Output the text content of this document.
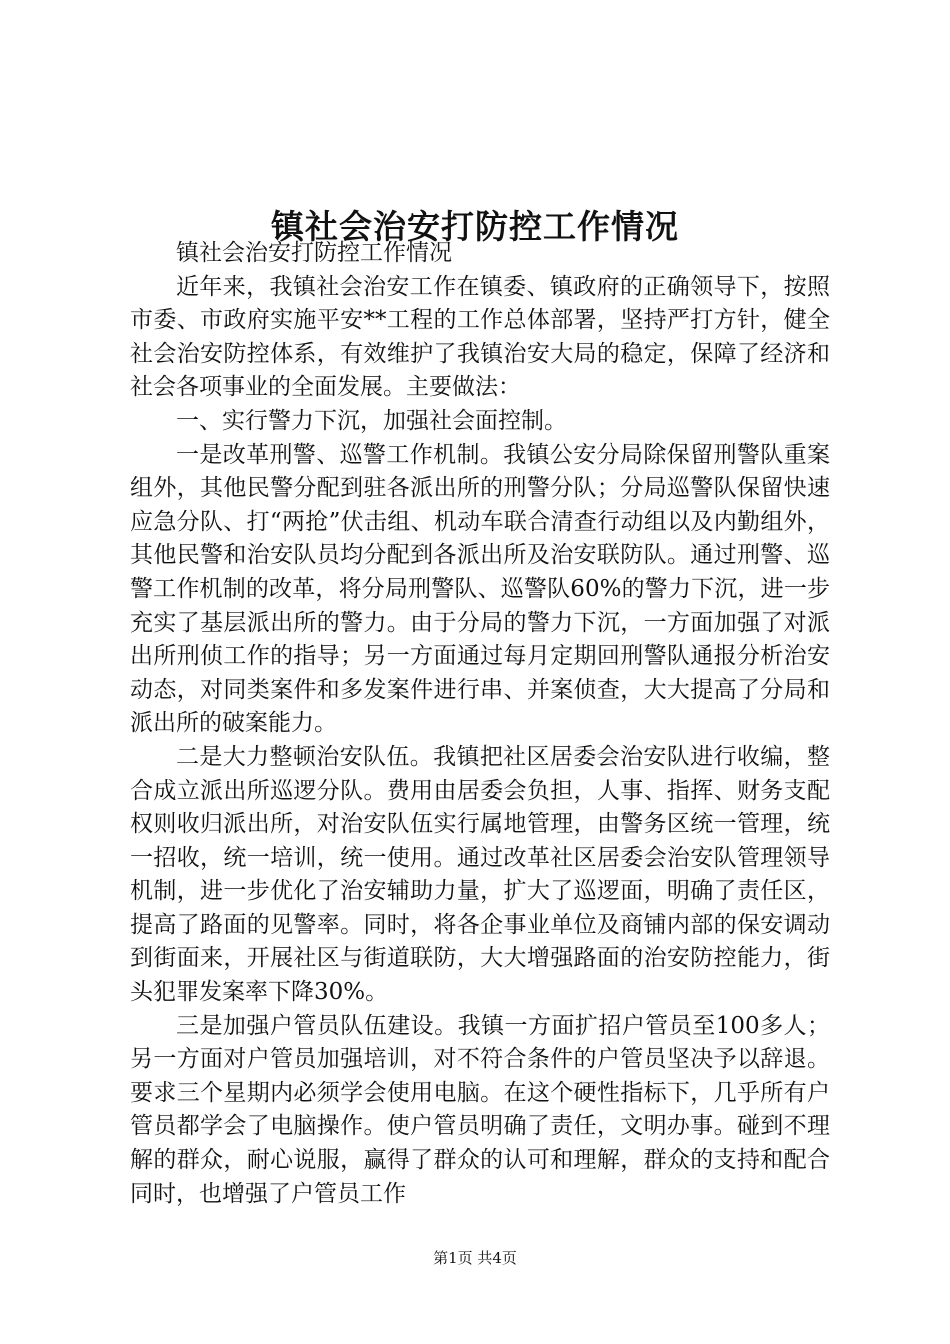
镇社会治安打防控工作情况

镇社会治安打防控工作情况

近年来，我镇社会治安工作在镇委、镇政府的正确领导下，按照市委、市政府实施平安**工程的工作总体部署，坚持严打方针，健全社会治安防控体系，有效维护了我镇治安大局的稳定，保障了经济和社会各项事业的全面发展。主要做法：

一、实行警力下沉，加强社会面控制。

一是改革刑警、巡警工作机制。我镇公安分局除保留刑警队重案组外，其他民警分配到驻各派出所的刑警分队；分局巡警队保留快速应急分队、打“两抢”伏击组、机动车联合清查行动组以及内勤组外，其他民警和治安队员均分配到各派出所及治安联防队。通过刑警、巡警工作机制的改革，将分局刑警队、巡警队60%的警力下沉，进一步充实了基层派出所的警力。由于分局的警力下沉，一方面加强了对派出所刑侦工作的指导；另一方面通过每月定期回刑警队通报分析治安动态，对同类案件和多发案件进行串、并案侦查，大大提高了分局和派出所的破案能力。

二是大力整顿治安队伍。我镇把社区居委会治安队进行收编，整合成立派出所巡逻分队。费用由居委会负担，人事、指挥、财务支配权则收归派出所，对治安队伍实行属地管理，由警务区统一管理，统一招收，统一培训，统一使用。通过改革社区居委会治安队管理领导机制，进一步优化了治安辅助力量，扩大了巡逻面，明确了责任区，提高了路面的见警率。同时，将各企事业单位及商铺内部的保安调动到街面来，开展社区与街道联防，大大增强路面的治安防控能力，街头犯罪发案率下降30%。

三是加强户管员队伍建设。我镇一方面扩招户管员至100多人；另一方面对户管员加强培训，对不符合条件的户管员坚决予以辞退。要求三个星期内必须学会使用电脑。在这个硬性指标下，几乎所有户管员都学会了电脑操作。使户管员明确了责任，文明办事。碰到不理解的群众，耐心说服，赢得了群众的认可和理解，群众的支持和配合同时，也增强了户管员工作

第1页 共4页
